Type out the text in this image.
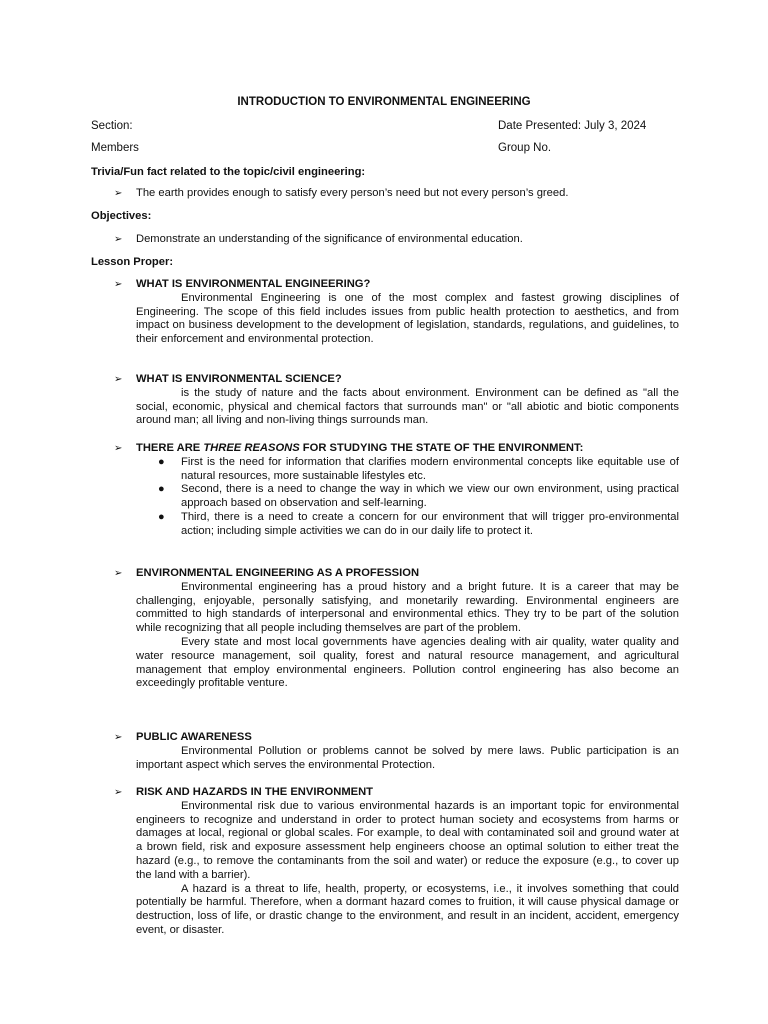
INTRODUCTION TO ENVIRONMENTAL ENGINEERING
Section:	Date Presented: July 3, 2024
Members	Group No.
Trivia/Fun fact related to the topic/civil engineering:
➢ The earth provides enough to satisfy every person’s need but not every person’s greed.
Objectives:
➢ Demonstrate an understanding of the significance of environmental education.
Lesson Proper:
➢ WHAT IS ENVIRONMENTAL ENGINEERING?

Environmental Engineering is one of the most complex and fastest growing disciplines of Engineering. The scope of this field includes issues from public health protection to aesthetics, and from impact on business development to the development of legislation, standards, regulations, and guidelines, to their enforcement and environmental protection.

➢ WHAT IS ENVIRONMENTAL SCIENCE?

is the study of nature and the facts about environment. Environment can be defined as "all the social, economic, physical and chemical factors that surrounds man" or "all abiotic and biotic components around man; all living and non-living things surrounds man.

➢ THERE ARE THREE REASONS FOR STUDYING THE STATE OF THE ENVIRONMENT:
● First is the need for information that clarifies modern environmental concepts like equitable use of natural resources, more sustainable lifestyles etc.
● Second, there is a need to change the way in which we view our own environment, using practical approach based on observation and self-learning.
● Third, there is a need to create a concern for our environment that will trigger pro-environmental action; including simple activities we can do in our daily life to protect it.
➢ ENVIRONMENTAL ENGINEERING AS A PROFESSION

Environmental engineering has a proud history and a bright future. It is a career that may be challenging, enjoyable, personally satisfying, and monetarily rewarding. Environmental engineers are committed to high standards of interpersonal and environmental ethics. They try to be part of the solution while recognizing that all people including themselves are part of the problem.

Every state and most local governments have agencies dealing with air quality, water quality and water resource management, soil quality, forest and natural resource management, and agricultural management that employ environmental engineers. Pollution control engineering has also become an exceedingly profitable venture.

➢ PUBLIC AWARENESS

Environmental Pollution or problems cannot be solved by mere laws. Public participation is an important aspect which serves the environmental Protection.

➢ RISK AND HAZARDS IN THE ENVIRONMENT

Environmental risk due to various environmental hazards is an important topic for environmental engineers to recognize and understand in order to protect human society and ecosystems from harms or damages at local, regional or global scales. For example, to deal with contaminated soil and ground water at a brown field, risk and exposure assessment help engineers choose an optimal solution to either treat the hazard (e.g., to remove the contaminants from the soil and water) or reduce the exposure (e.g., to cover up the land with a barrier).

A hazard is a threat to life, health, property, or ecosystems, i.e., it involves something that could potentially be harmful. Therefore, when a dormant hazard comes to fruition, it will cause physical damage or destruction, loss of life, or drastic change to the environment, and result in an incident, accident, emergency event, or disaster.
